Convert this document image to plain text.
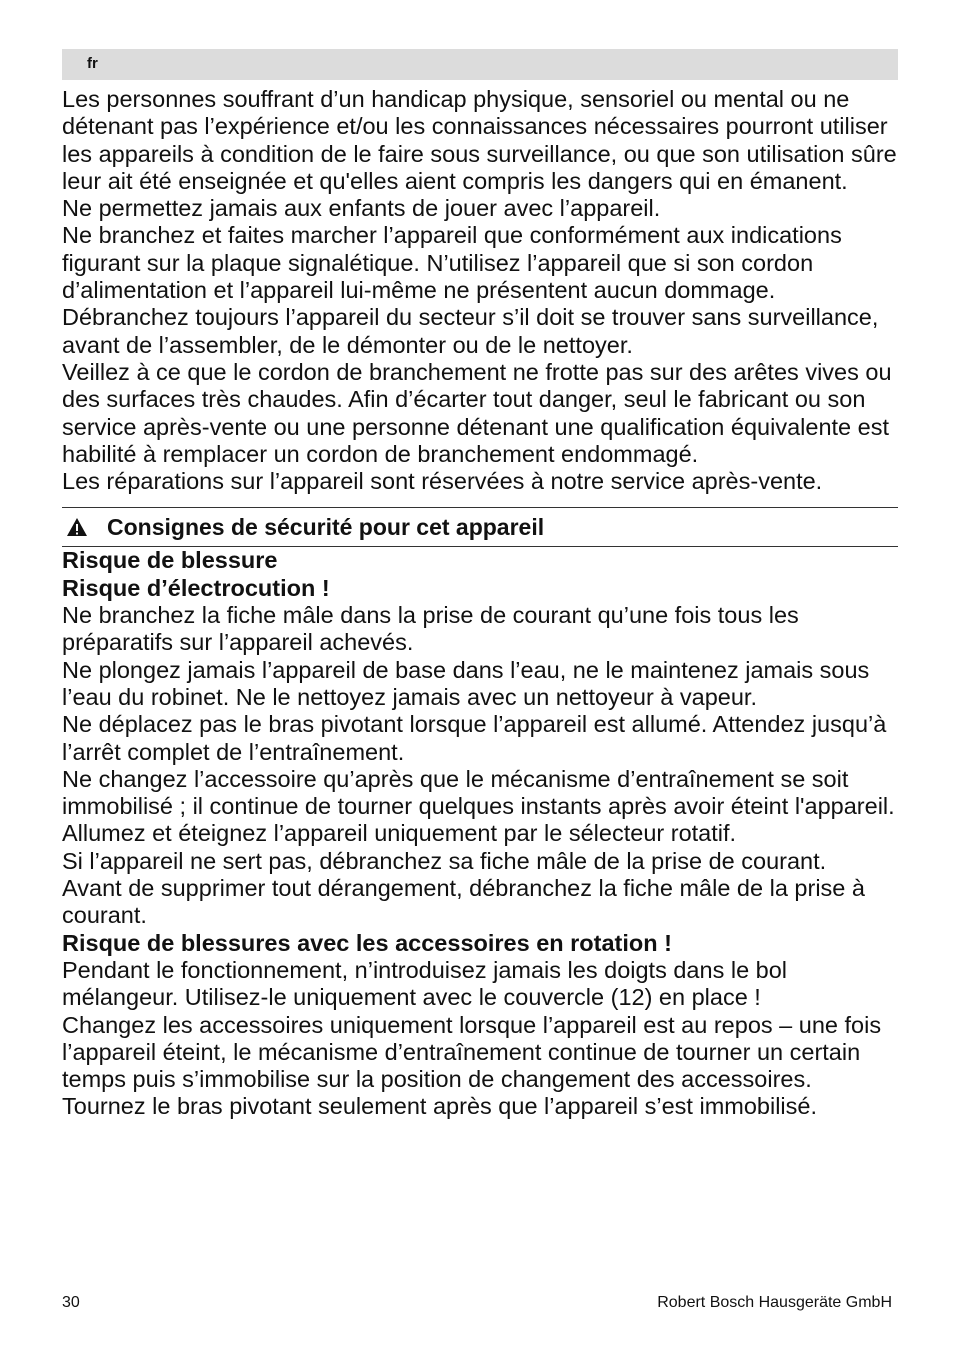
fr

Les personnes souffrant d’un handicap physique, sensoriel ou mental ou ne détenant pas l’expérience et/ou les connaissances nécessaires pourront utiliser les appareils à condition de le faire sous surveillance, ou que son utilisation sûre leur ait été enseignée et qu'elles aient compris les dangers qui en émanent.

Ne permettez jamais aux enfants de jouer avec l’appareil.

Ne branchez et faites marcher l’appareil que conformément aux indications figurant sur la plaque signalétique. N’utilisez l’appareil que si son cordon d’alimentation et l’appareil lui-même ne présentent aucun dommage.

Débranchez toujours l’appareil du secteur s’il doit se trouver sans surveillance, avant de l’assembler, de le démonter ou de le nettoyer.

Veillez à ce que le cordon de branchement ne frotte pas sur des arêtes vives ou des surfaces très chaudes. Afin d’écarter tout danger, seul le fabricant ou son service après-vente ou une personne détenant une qualification équivalente est habilité à remplacer un cordon de branchement endommagé.

Les réparations sur l’appareil sont réservées à notre service après-vente.

Consignes de sécurité pour cet appareil

Risque de blessure

Risque d’électrocution !

Ne branchez la fiche mâle dans la prise de courant qu’une fois tous les préparatifs sur l’appareil achevés.

Ne plongez jamais l’appareil de base dans l’eau, ne le maintenez jamais sous l’eau du robinet. Ne le nettoyez jamais avec un nettoyeur à vapeur.

Ne déplacez pas le bras pivotant lorsque l’appareil est allumé. Attendez jusqu’à l’arrêt complet de l’entraînement.

Ne changez l’accessoire qu’après que le mécanisme d’entraînement se soit immobilisé ; il continue de tourner quelques instants après avoir éteint l'appareil.

Allumez et éteignez l’appareil uniquement par le sélecteur rotatif.

Si l’appareil ne sert pas, débranchez sa fiche mâle de la prise de courant.

Avant de supprimer tout dérangement, débranchez la fiche mâle de la prise à courant.

Risque de blessures avec les accessoires en rotation !

Pendant le fonctionnement, n’introduisez jamais les doigts dans le bol mélangeur. Utilisez-le uniquement avec le couvercle (12) en place !

Changez les accessoires uniquement lorsque l’appareil est au repos – une fois l’appareil éteint, le mécanisme d’entraînement continue de tourner un certain temps puis s’immobilise sur la position de changement des accessoires.

Tournez le bras pivotant seulement après que l’appareil s’est immobilisé.

30	Robert Bosch Hausgeräte GmbH
